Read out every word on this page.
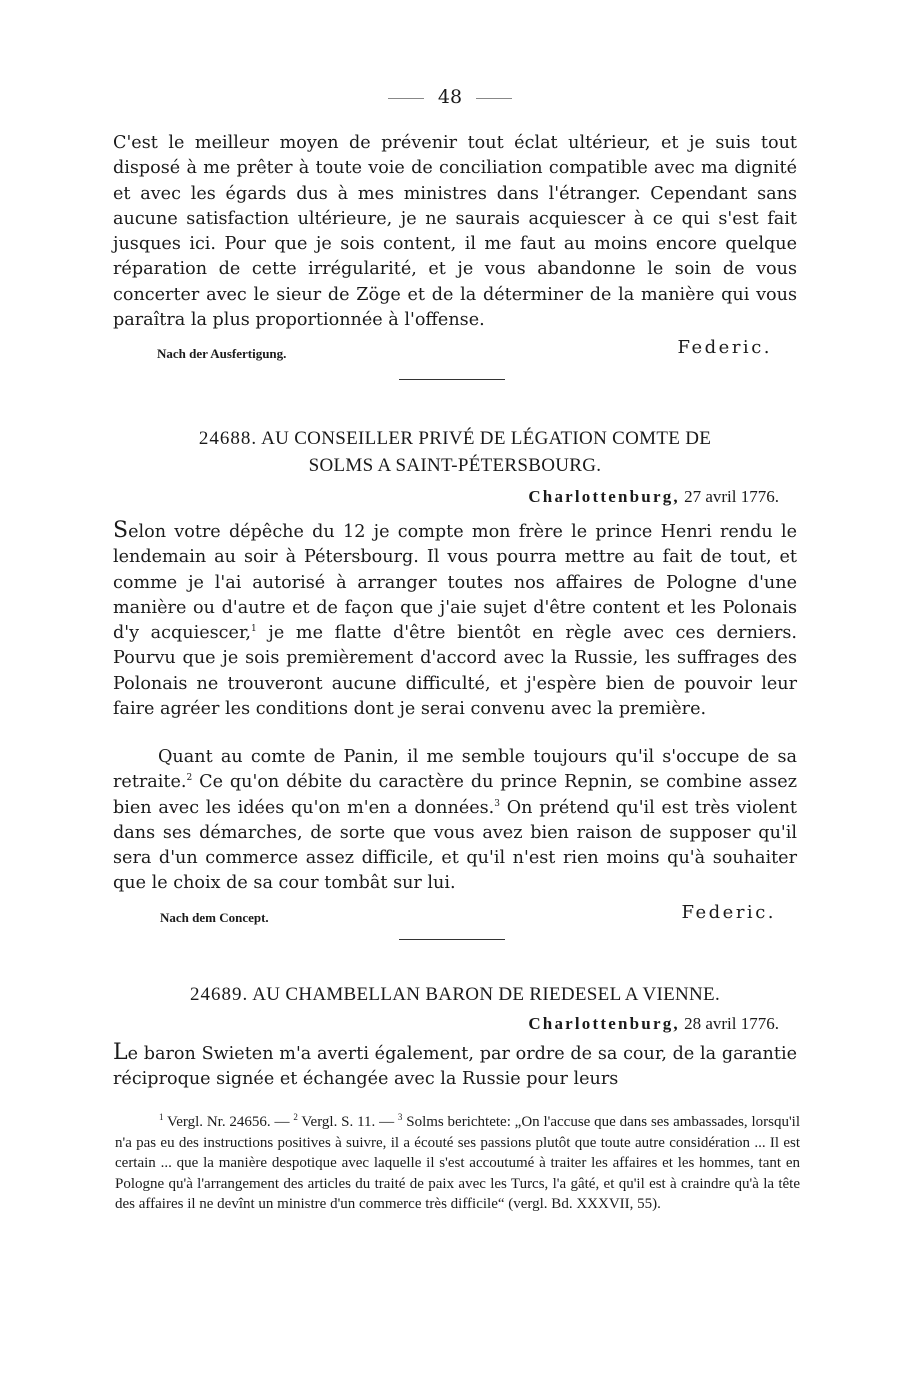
48

C'est le meilleur moyen de prévenir tout éclat ultérieur, et je suis tout disposé à me prêter à toute voie de conciliation compatible avec ma dignité et avec les égards dus à mes ministres dans l'étranger. Cependant sans aucune satisfaction ultérieure, je ne saurais acquiescer à ce qui s'est fait jusques ici. Pour que je sois content, il me faut au moins encore quelque réparation de cette irrégularité, et je vous abandonne le soin de vous concerter avec le sieur de Zöge et de la déterminer de la manière qui vous paraîtra la plus proportionnée à l'offense.

Nach der Ausfertigung.	Federic.
24688. AU CONSEILLER PRIVÉ DE LÉGATION COMTE DE
SOLMS A SAINT-PÉTERSBOURG.
Charlottenburg, 27 avril 1776.

Selon votre dépêche du 12 je compte mon frère le prince Henri rendu le lendemain au soir à Pétersbourg. Il vous pourra mettre au fait de tout, et comme je l'ai autorisé à arranger toutes nos affaires de Pologne d'une manière ou d'autre et de façon que j'aie sujet d'être content et les Polonais d'y acquiescer,$^1$ je me flatte d'être bientôt en règle avec ces derniers. Pourvu que je sois premièrement d'accord avec la Russie, les suffrages des Polonais ne trouveront aucune difficulté, et j'espère bien de pouvoir leur faire agréer les conditions dont je serai convenu avec la première.

Quant au comte de Panin, il me semble toujours qu'il s'occupe de sa retraite.$^2$ Ce qu'on débite du caractère du prince Repnin, se combine assez bien avec les idées qu'on m'en a données.$^3$ On prétend qu'il est très violent dans ses démarches, de sorte que vous avez bien raison de supposer qu'il sera d'un commerce assez difficile, et qu'il n'est rien moins qu'à souhaiter que le choix de sa cour tombât sur lui.

Nach dem Concept.	Federic.
24689. AU CHAMBELLAN BARON DE RIEDESEL A VIENNE.
Charlottenburg, 28 avril 1776.

Le baron Swieten m'a averti également, par ordre de sa cour, de la garantie réciproque signée et échangée avec la Russie pour leurs

$^1$ Vergl. Nr. 24656. — $^2$ Vergl. S. 11. — $^3$ Solms berichtete: „On l'accuse que dans ses ambassades, lorsqu'il n'a pas eu des instructions positives à suivre, il a écouté ses passions plutôt que toute autre considération ... Il est certain ... que la manière despotique avec laquelle il s'est accoutumé à traiter les affaires et les hommes, tant en Pologne qu'à l'arrangement des articles du traité de paix avec les Turcs, l'a gâté, et qu'il est à craindre qu'à la tête des affaires il ne devînt un ministre d'un commerce très difficile“ (vergl. Bd. XXXVII, 55).
